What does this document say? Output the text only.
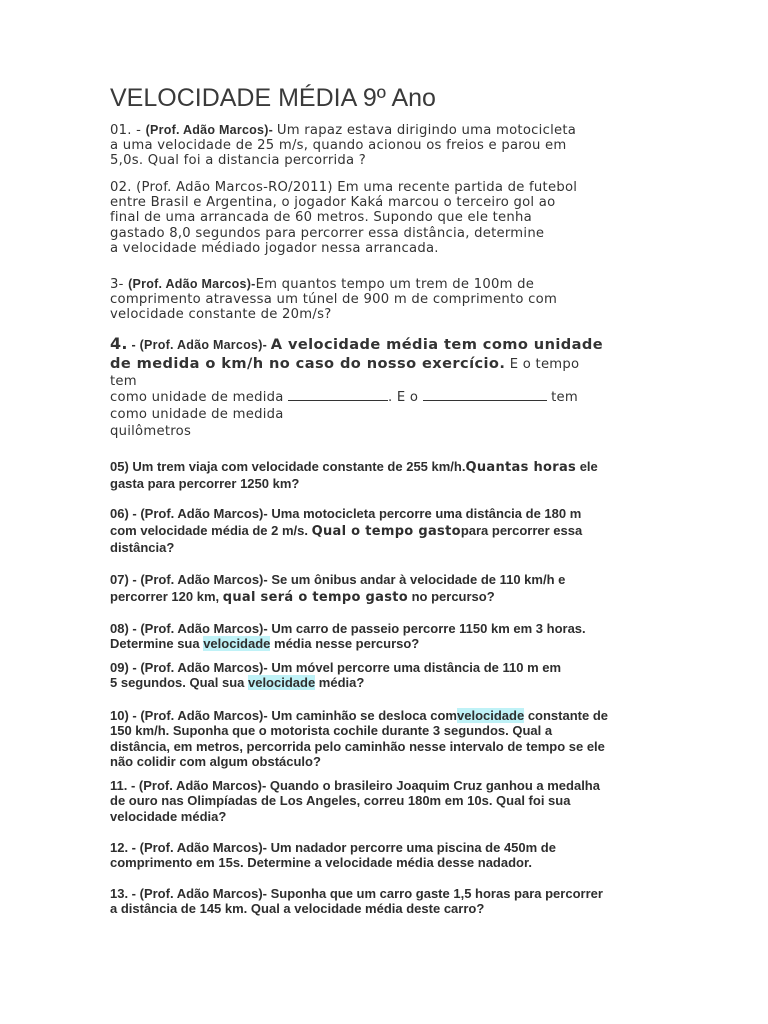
VELOCIDADE MÉDIA 9º Ano
01. - (Prof. Adão Marcos)- Um rapaz estava dirigindo uma motocicleta
a uma velocidade de 25 m/s, quando acionou os freios e parou em
5,0s. Qual foi a distancia percorrida ?
02. (Prof. Adão Marcos-RO/2011) Em uma recente partida de futebol
entre Brasil e Argentina, o jogador Kaká marcou o terceiro gol ao
final de uma arrancada de 60 metros. Supondo que ele tenha
gastado 8,0 segundos para percorrer essa distância, determine
a velocidade médiado jogador nessa arrancada.
3- (Prof. Adão Marcos)-Em quantos tempo um trem de 100m de
comprimento atravessa um túnel de 900 m de comprimento com
velocidade constante de 20m/s?
4. - (Prof. Adão Marcos)- A velocidade média tem como unidade
de medida o km/h no caso do nosso exercício. E o tempo
tem
como unidade de medida	. E o	tem
como unidade de medida
quilômetros
05) Um trem viaja com velocidade constante de 255 km/h.Quantas horas ele
gasta para percorrer 1250 km?
06) - (Prof. Adão Marcos)- Uma motocicleta percorre uma distância de 180 m
com velocidade média de 2 m/s. Qual o tempo gastopara percorrer essa
distância?
07) - (Prof. Adão Marcos)- Se um ônibus andar à velocidade de 110 km/h e
percorrer 120 km, qual será o tempo gasto no percurso?
08) - (Prof. Adão Marcos)- Um carro de passeio percorre 1150 km em 3 horas.
Determine sua velocidade média nesse percurso?
09) - (Prof. Adão Marcos)- Um móvel percorre uma distância de 110 m em
5 segundos. Qual sua velocidade média?
10) - (Prof. Adão Marcos)- Um caminhão se desloca comvelocidade constante de
150 km/h. Suponha que o motorista cochile durante 3 segundos. Qual a
distância, em metros, percorrida pelo caminhão nesse intervalo de tempo se ele
não colidir com algum obstáculo?
11. - (Prof. Adão Marcos)- Quando o brasileiro Joaquim Cruz ganhou a medalha
de ouro nas Olimpíadas de Los Angeles, correu 180m em 10s. Qual foi sua
velocidade média?
12. - (Prof. Adão Marcos)- Um nadador percorre uma piscina de 450m de
comprimento em 15s. Determine a velocidade média desse nadador.
13. - (Prof. Adão Marcos)- Suponha que um carro gaste 1,5 horas para percorrer
a distância de 145 km. Qual a velocidade média deste carro?
